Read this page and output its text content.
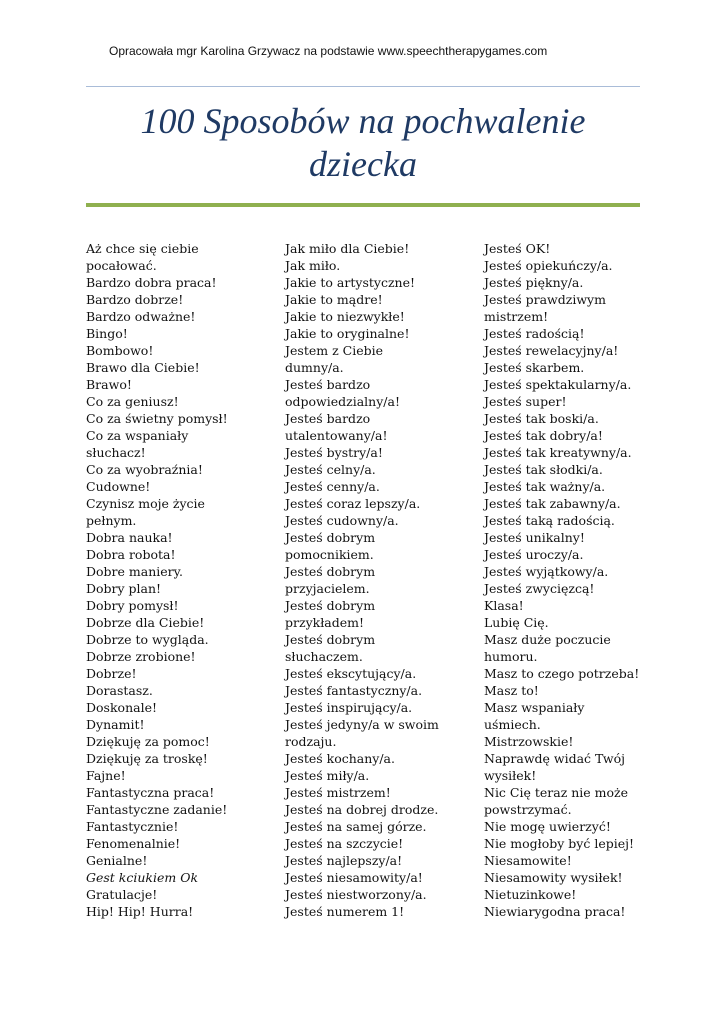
Opracowała mgr Karolina Grzywacz na podstawie www.speechtherapygames.com
100 Sposobów na pochwalenie
dziecka
Aż chce się ciebie
pocałować.
Bardzo dobra praca!
Bardzo dobrze!
Bardzo odważne!
Bingo!
Bombowo!
Brawo dla Ciebie!
Brawo!
Co za geniusz!
Co za świetny pomysł!
Co za wspaniały
słuchacz!
Co za wyobraźnia!
Cudowne!
Czynisz moje życie
pełnym.
Dobra nauka!
Dobra robota!
Dobre maniery.
Dobry plan!
Dobry pomysł!
Dobrze dla Ciebie!
Dobrze to wygląda.
Dobrze zrobione!
Dobrze!
Dorastasz.
Doskonale!
Dynamit!
Dziękuję za pomoc!
Dziękuję za troskę!
Fajne!
Fantastyczna praca!
Fantastyczne zadanie!
Fantastycznie!
Fenomenalnie!
Genialne!
Gest kciukiem Ok
Gratulacje!
Hip! Hip! Hurra!
Jak miło dla Ciebie!
Jak miło.
Jakie to artystyczne!
Jakie to mądre!
Jakie to niezwykłe!
Jakie to oryginalne!
Jestem z Ciebie
dumny/a.
Jesteś bardzo
odpowiedzialny/a!
Jesteś bardzo
utalentowany/a!
Jesteś bystry/a!
Jesteś celny/a.
Jesteś cenny/a.
Jesteś coraz lepszy/a.
Jesteś cudowny/a.
Jesteś dobrym
pomocnikiem.
Jesteś dobrym
przyjacielem.
Jesteś dobrym
przykładem!
Jesteś dobrym
słuchaczem.
Jesteś ekscytujący/a.
Jesteś fantastyczny/a.
Jesteś inspirujący/a.
Jesteś jedyny/a w swoim
rodzaju.
Jesteś kochany/a.
Jesteś miły/a.
Jesteś mistrzem!
Jesteś na dobrej drodze.
Jesteś na samej górze.
Jesteś na szczycie!
Jesteś najlepszy/a!
Jesteś niesamowity/a!
Jesteś niestworzony/a.
Jesteś numerem 1!
Jesteś OK!
Jesteś opiekuńczy/a.
Jesteś piękny/a.
Jesteś prawdziwym
mistrzem!
Jesteś radością!
Jesteś rewelacyjny/a!
Jesteś skarbem.
Jesteś spektakularny/a.
Jesteś super!
Jesteś tak boski/a.
Jesteś tak dobry/a!
Jesteś tak kreatywny/a.
Jesteś tak słodki/a.
Jesteś tak ważny/a.
Jesteś tak zabawny/a.
Jesteś taką radością.
Jesteś unikalny!
Jesteś uroczy/a.
Jesteś wyjątkowy/a.
Jesteś zwycięzcą!
Klasa!
Lubię Cię.
Masz duże poczucie
humoru.
Masz to czego potrzeba!
Masz to!
Masz wspaniały
uśmiech.
Mistrzowskie!
Naprawdę widać Twój
wysiłek!
Nic Cię teraz nie może
powstrzymać.
Nie mogę uwierzyć!
Nie mogłoby być lepiej!
Niesamowite!
Niesamowity wysiłek!
Nietuzinkowe!
Niewiarygodna praca!
